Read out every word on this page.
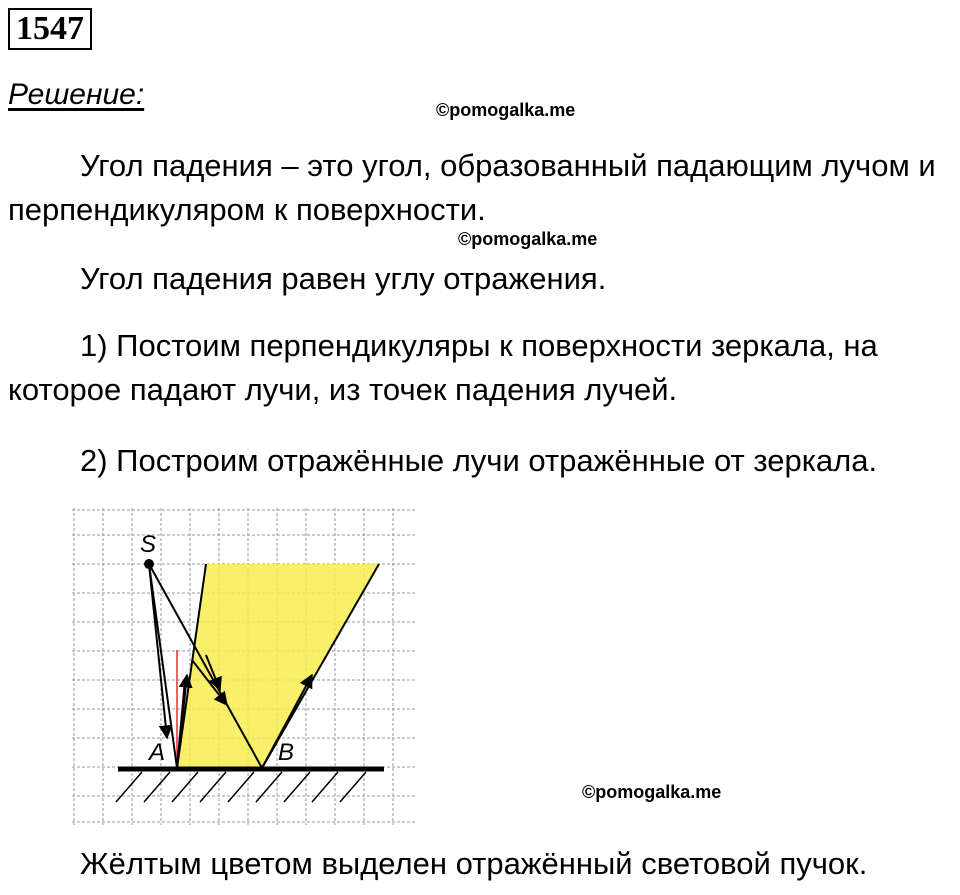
1547
Решение:	©pomogalka.me

Угол падения – это угол, образованный падающим лучом и перпендикуляром к поверхности.

©pomogalka.me

Угол падения равен углу отражения.

1) Постоим перпендикуляры к поверхности зеркала, на которое падают лучи, из точек падения лучей.

2) Построим отражённые лучи отражённые от зеркала.

S
A	B
©pomogalka.me

Жёлтым цветом выделен отражённый световой пучок.
